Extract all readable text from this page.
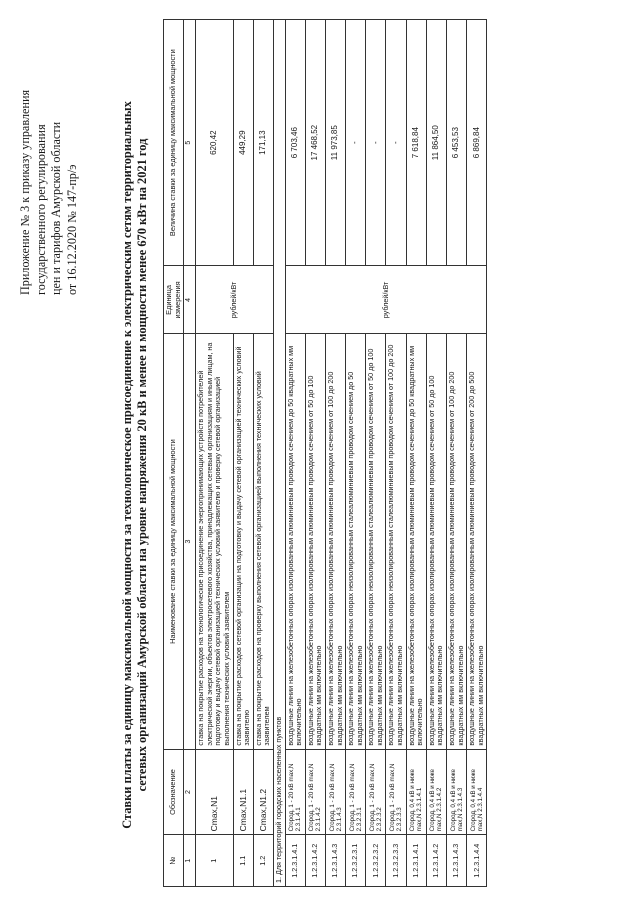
Приложение № 3 к приказу управления государственного регулирования цен и тарифов Амурской области от 16.12.2020 № 147-пр/э	Ставки платы за единицу максимальной мощности за технологическое присоединение к электрическим сетям территориальных сетевых организаций Амурской области на уровне напряжения 20 кВ и менее и мощности менее 670 кВт на 2021 год
№	Обозначение	Наименование ставки за единицу максимальной мощности	Единица измерения	Величина ставки за единицу максимальной мощности
1	2	3	4	5
1	Cmax,N1	ставка на покрытие расходов на технологическое присоединение энергопринимающих устройств потребителей электрической энергии, объектов электросетевого хозяйства, принадлежащих сетевым организациям и иным лицам, на подготовку и выдачу сетевой организацией технических условий заявителю и проверку сетевой организацией выполнения технических условий заявителем	рублей/кВт	620,42
1.1	Cmax,N1.1	ставка на покрытие расходов сетевой организации на подготовку и выдачу сетевой организацией технических условий заявителю		449,29
1.2	Cmax,N1.2	ставка на покрытие расходов на проверку выполнения сетевой организацией выполнения технических условий заявителем		171,13
1. Для территорий городских населенных пунктов				
1.2.3.1.4.1	Cгород, 1 - 20 кВ max,N 2.3.1.4.1	воздушные линии на железобетонных опорах изолированным алюминиевым проводом сечением до 50 квадратных мм включительно	рублей/кВт	6 703,46
1.2.3.1.4.2	Cгород, 1 - 20 кВ max,N 2.3.1.4.2	воздушные линии на железобетонных опорах изолированным алюминиевым проводом сечением от 50 до 100 квадратных мм включительно		17 468,52
1.2.3.1.4.3	Cгород, 1 - 20 кВ max,N 2.3.1.4.3	воздушные линии на железобетонных опорах изолированным алюминиевым проводом сечением от 100 до 200 квадратных мм включительно		11 973,85
1.2.3.2.3.1	Cгород, 1 - 20 кВ max,N 2.3.2.3.1	воздушные линии на железобетонных опорах неизолированным сталеалюминиевым проводом сечением до 50 квадратных мм включительно		-
1.2.3.2.3.2	Cгород, 1 - 20 кВ max,N 2.3.2.3.2	воздушные линии на железобетонных опорах неизолированным сталеалюминиевым проводом сечением от 50 до 100 квадратных мм включительно		-
1.2.3.2.3.3	Cгород, 1 - 20 кВ max,N 2.3.2.3.3	воздушные линии на железобетонных опорах неизолированным сталеалюминиевым проводом сечением от 100 до 200 квадратных мм включительно		-
1.2.3.1.4.1	Cгород, 0,4 кВ и ниже max,N 2.3.1.4.1	воздушные линии на железобетонных опорах изолированным алюминиевым проводом сечением до 50 квадратных мм включительно		7 618,84
1.2.3.1.4.2	Cгород, 0,4 кВ и ниже max,N 2.3.1.4.2	воздушные линии на железобетонных опорах изолированным алюминиевым проводом сечением от 50 до 100 квадратных мм включительно		11 864,50
1.2.3.1.4.3	Cгород, 0,4 кВ и ниже max,N 2.3.1.4.3	воздушные линии на железобетонных опорах изолированным алюминиевым проводом сечением от 100 до 200 квадратных мм включительно		6 453,53
1.2.3.1.4.4	Cгород, 0,4 кВ и ниже max,N 2.3.1.4.4	воздушные линии на железобетонных опорах изолированным алюминиевым проводом сечением от 200 до 500 квадратных мм включительно		6 869,84
